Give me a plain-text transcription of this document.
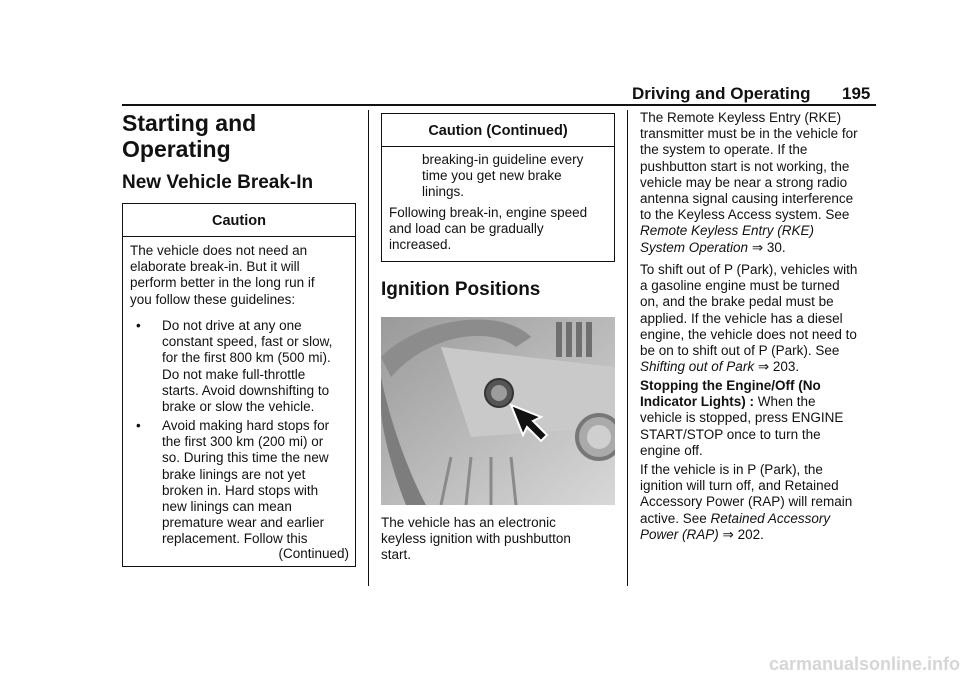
Driving and Operating 195
Starting and
Operating
New Vehicle Break-In
Caution
The vehicle does not need an
elaborate break-in. But it will
perform better in the long run if
you follow these guidelines:
• Do not drive at any one
constant speed, fast or slow,
for the first 800 km (500 mi).
Do not make full-throttle
starts. Avoid downshifting to
brake or slow the vehicle.
• Avoid making hard stops for
the first 300 km (200 mi) or
so. During this time the new
brake linings are not yet
broken in. Hard stops with
new linings can mean
premature wear and earlier
replacement. Follow this
(Continued)
Caution (Continued)
breaking-in guideline every
time you get new brake
linings.
Following break-in, engine speed
and load can be gradually
increased.
Ignition Positions
The vehicle has an electronic
keyless ignition with pushbutton
start.
The Remote Keyless Entry (RKE)
transmitter must be in the vehicle for
the system to operate. If the
pushbutton start is not working, the
vehicle may be near a strong radio
antenna signal causing interference
to the Keyless Access system. See
Remote Keyless Entry (RKE)
System Operation ⇒ 30.
To shift out of P (Park), vehicles with
a gasoline engine must be turned
on, and the brake pedal must be
applied. If the vehicle has a diesel
engine, the vehicle does not need to
be on to shift out of P (Park). See
Shifting out of Park ⇒ 203.
Stopping the Engine/Off (No
Indicator Lights) : When the
vehicle is stopped, press ENGINE
START/STOP once to turn the
engine off.
If the vehicle is in P (Park), the
ignition will turn off, and Retained
Accessory Power (RAP) will remain
active. See Retained Accessory
Power (RAP) ⇒ 202.
carmanualsonline.info
